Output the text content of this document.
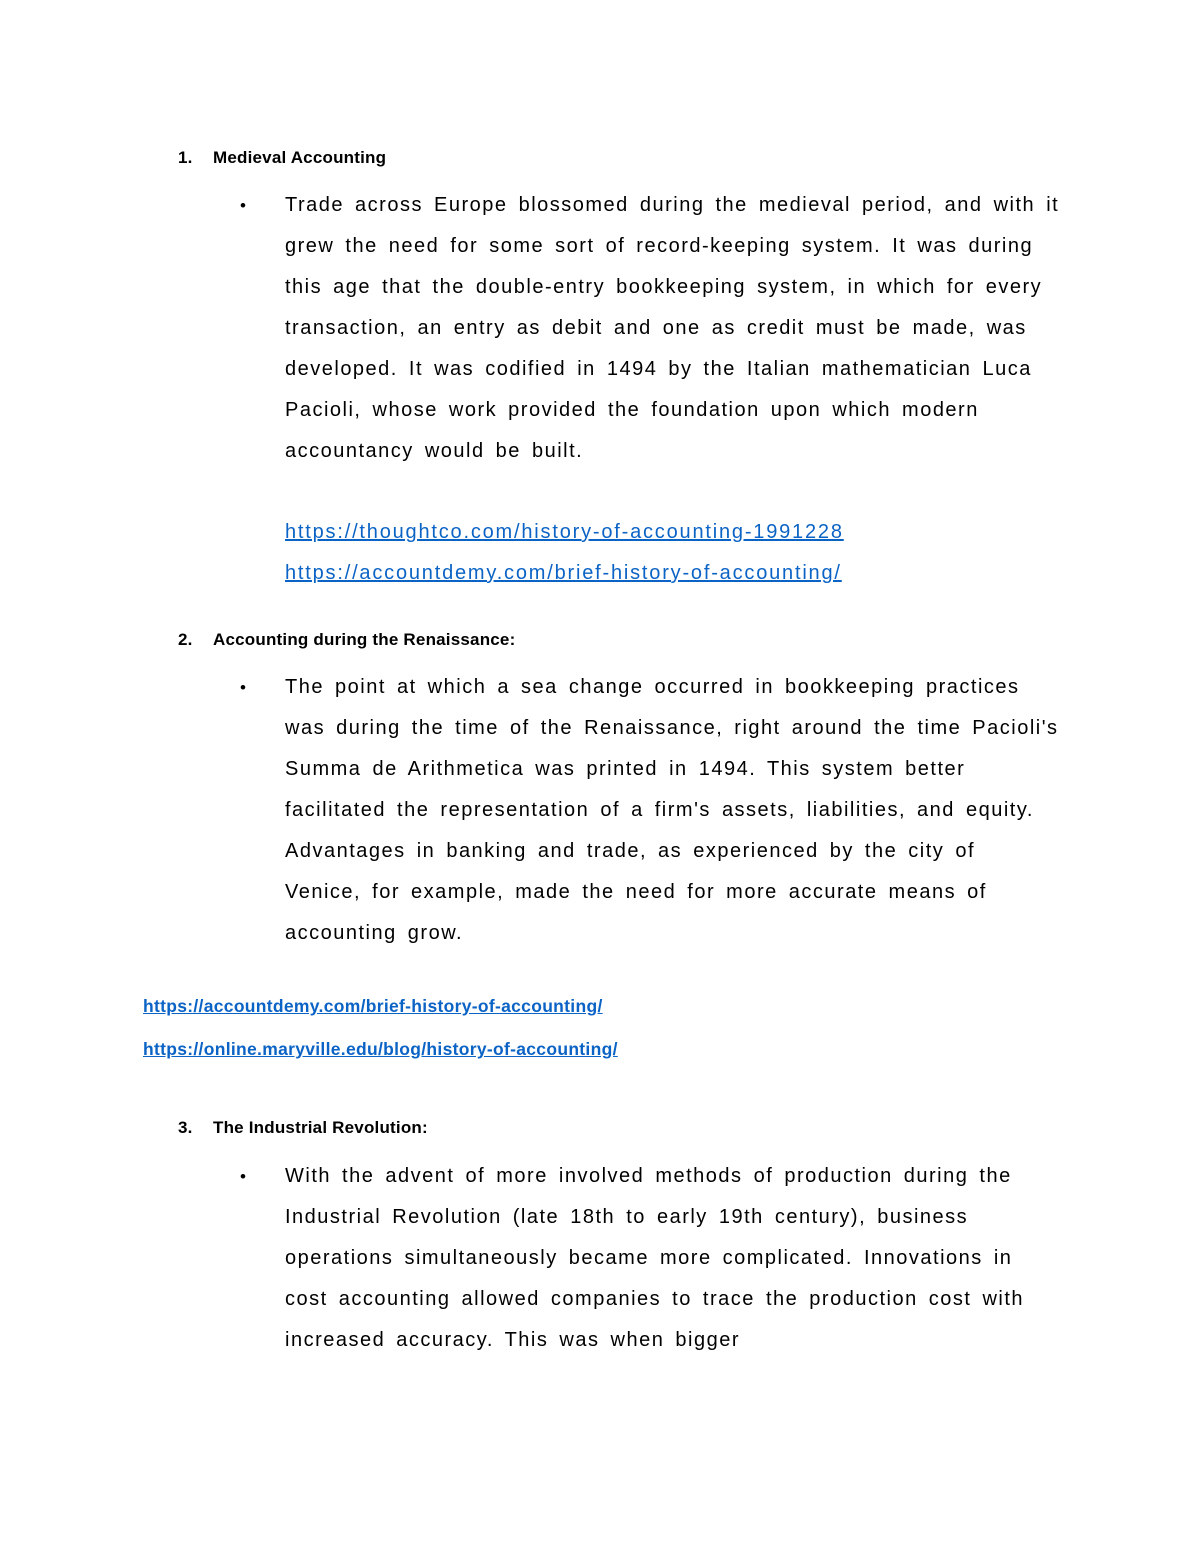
1.	Medieval Accounting
•	Trade across Europe blossomed during the medieval period, and with it grew the need for some sort of record-keeping system. It was during this age that the double-entry bookkeeping system, in which for every transaction, an entry as debit and one as credit must be made, was developed. It was codified in 1494 by the Italian mathematician Luca Pacioli, whose work provided the foundation upon which modern accountancy would be built.

https://thoughtco.com/history-of-accounting-1991228
https://accountdemy.com/brief-history-of-accounting/
2.	Accounting during the Renaissance:
•	The point at which a sea change occurred in bookkeeping practices was during the time of the Renaissance, right around the time Pacioli's Summa de Arithmetica was printed in 1494. This system better facilitated the representation of a firm's assets, liabilities, and equity. Advantages in banking and trade, as experienced by the city of Venice, for example, made the need for more accurate means of accounting grow.

https://accountdemy.com/brief-history-of-accounting/
https://online.maryville.edu/blog/history-of-accounting/
3.	The Industrial Revolution:
•	With the advent of more involved methods of production during the Industrial Revolution (late 18th to early 19th century), business operations simultaneously became more complicated. Innovations in cost accounting allowed companies to trace the production cost with increased accuracy. This was when bigger
